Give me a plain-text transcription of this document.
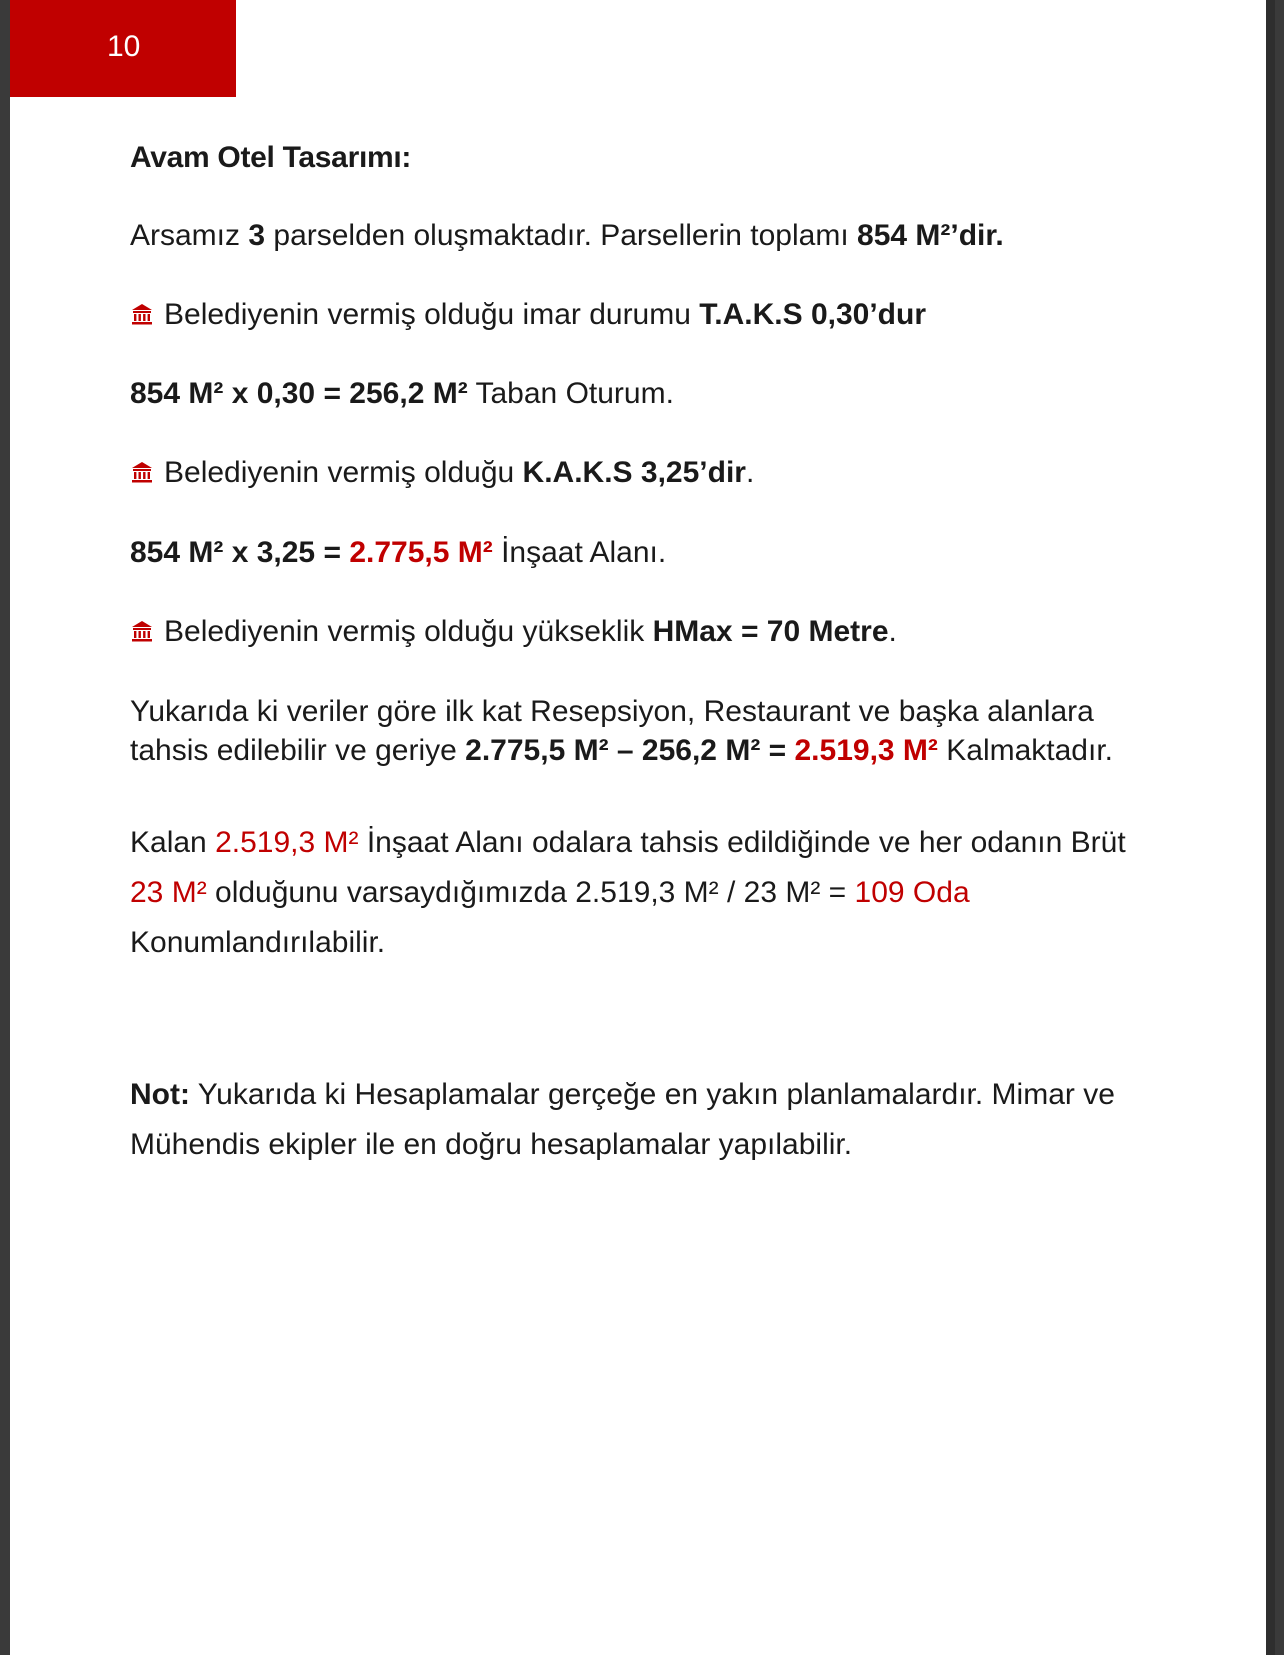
10
Avam Otel Tasarımı:
Arsamız 3 parselden oluşmaktadır. Parsellerin toplamı 854 M²’dir.
Belediyenin vermiş olduğu imar durumu T.A.K.S 0,30’dur
854 M² x 0,30 = 256,2 M² Taban Oturum.
Belediyenin vermiş olduğu K.A.K.S 3,25’dir.
854 M² x 3,25 = 2.775,5 M² İnşaat Alanı.
Belediyenin vermiş olduğu yükseklik HMax = 70 Metre.
Yukarıda ki veriler göre ilk kat Resepsiyon, Restaurant ve başka alanlara
tahsis edilebilir ve geriye 2.775,5 M² – 256,2 M² = 2.519,3 M² Kalmaktadır.
Kalan 2.519,3 M² İnşaat Alanı odalara tahsis edildiğinde ve her odanın Brüt
23 M² olduğunu varsaydığımızda 2.519,3 M² / 23 M² = 109 Oda
Konumlandırılabilir.
Not: Yukarıda ki Hesaplamalar gerçeğe en yakın planlamalardır. Mimar ve
Mühendis ekipler ile en doğru hesaplamalar yapılabilir.
